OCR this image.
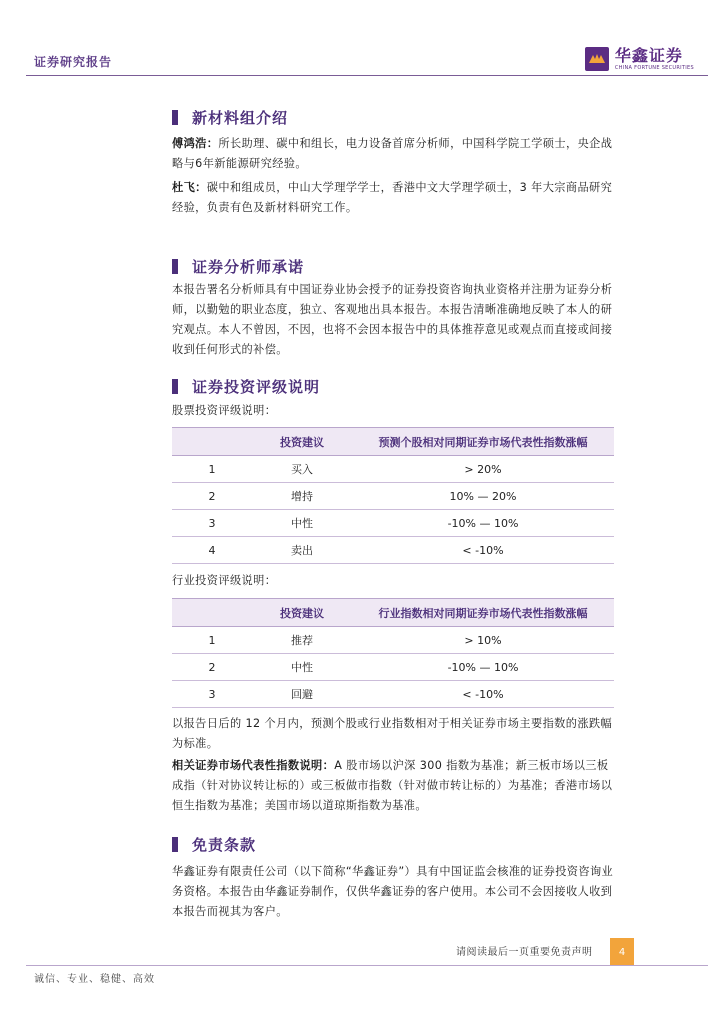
证券研究报告	华鑫证券
CHINA FORTUNE SECURITIES
新材料组介绍
傅鸿浩：所长助理、碳中和组长，电力设备首席分析师，中国科学院工学硕士，央企战略与6年新能源研究经验。
杜飞：碳中和组成员，中山大学理学学士，香港中文大学理学硕士，3 年大宗商品研究经验，负责有色及新材料研究工作。
证券分析师承诺
本报告署名分析师具有中国证券业协会授予的证券投资咨询执业资格并注册为证券分析师，以勤勉的职业态度，独立、客观地出具本报告。本报告清晰准确地反映了本人的研究观点。本人不曾因，不因，也将不会因本报告中的具体推荐意见或观点而直接或间接收到任何形式的补偿。
证券投资评级说明
股票投资评级说明：
	投资建议	预测个股相对同期证券市场代表性指数涨幅
1	买入	> 20%
2	增持	10% — 20%
3	中性	-10% — 10%
4	卖出	< -10%
行业投资评级说明：
	投资建议	行业指数相对同期证券市场代表性指数涨幅
1	推荐	> 10%
2	中性	-10% — 10%
3	回避	< -10%
以报告日后的 12 个月内，预测个股或行业指数相对于相关证券市场主要指数的涨跌幅为标准。
相关证券市场代表性指数说明：A 股市场以沪深 300 指数为基准；新三板市场以三板成指（针对协议转让标的）或三板做市指数（针对做市转让标的）为基准；香港市场以恒生指数为基准；美国市场以道琼斯指数为基准。
免责条款
华鑫证券有限责任公司（以下简称“华鑫证券”）具有中国证监会核准的证券投资咨询业务资格。本报告由华鑫证券制作，仅供华鑫证券的客户使用。本公司不会因接收人收到本报告而视其为客户。
请阅读最后一页重要免责声明	4
诚信、专业、稳健、高效
